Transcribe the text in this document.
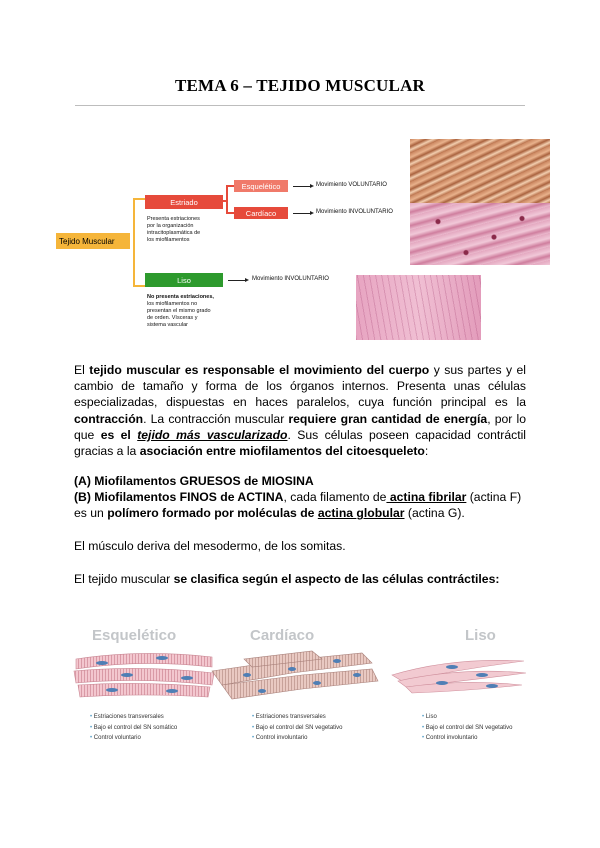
TEMA 6 – TEJIDO MUSCULAR
Tejido Muscular
Estriado
Presenta estriaciones
por la organización
intracitoplasmática de
los miofilamentos
Esquelético	Movimiento VOLUNTARIO
Cardíaco	Movimiento INVOLUNTARIO
Liso	Movimiento INVOLUNTARIO
No presenta estriaciones,
los miofilamentos no
presentan el mismo grado
de orden. Vísceras y
sistema vascular
El tejido muscular es responsable el movimiento del cuerpo y sus partes y el cambio de tamaño y forma de los órganos internos. Presenta unas células especializadas, dispuestas en haces paralelos, cuya función principal es la contracción. La contracción muscular requiere gran cantidad de energía, por lo que es el tejido más vascularizado. Sus células poseen capacidad contráctil gracias a la asociación entre miofilamentos del citoesqueleto:
(A) Miofilamentos GRUESOS de MIOSINA
(B) Miofilamentos FINOS de ACTINA, cada filamento de actina fibrilar (actina F)
es un polímero formado por moléculas de actina globular (actina G).
El músculo deriva del mesodermo, de los somitas.
El tejido muscular se clasifica según el aspecto de las células contráctiles:
Esquelético	Cardíaco	Liso
• Estriaciones transversales
• Bajo el control del SN somático
• Control voluntario
• Estriaciones transversales
• Bajo el control del SN vegetativo
• Control involuntario
• Liso
• Bajo el control del SN vegetativo
• Control involuntario
